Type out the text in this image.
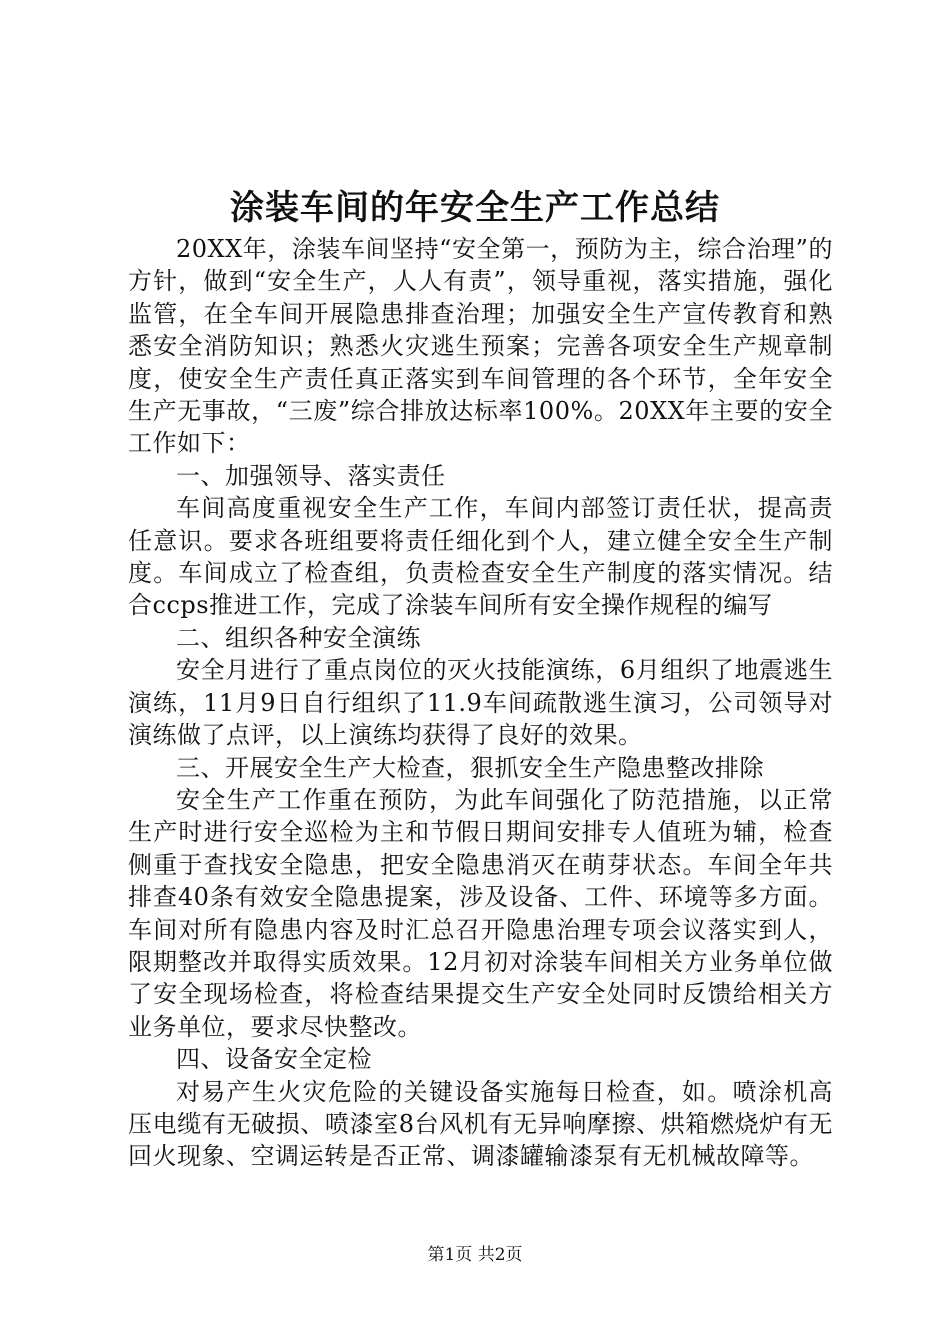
涂装车间的年安全生产工作总结

20XX年，涂装车间坚持“安全第一，预防为主，综合治理”的方针，做到“安全生产，人人有责”，领导重视，落实措施，强化监管，在全车间开展隐患排查治理；加强安全生产宣传教育和熟悉安全消防知识；熟悉火灾逃生预案；完善各项安全生产规章制度，使安全生产责任真正落实到车间管理的各个环节，全年安全生产无事故，“三废”综合排放达标率100%。20XX年主要的安全工作如下：

一、加强领导、落实责任

车间高度重视安全生产工作，车间内部签订责任状，提高责任意识。要求各班组要将责任细化到个人，建立健全安全生产制度。车间成立了检查组，负责检查安全生产制度的落实情况。结合ccps推进工作，完成了涂装车间所有安全操作规程的编写

二、组织各种安全演练

安全月进行了重点岗位的灭火技能演练，6月组织了地震逃生演练，11月9日自行组织了11.9车间疏散逃生演习，公司领导对演练做了点评，以上演练均获得了良好的效果。

三、开展安全生产大检查，狠抓安全生产隐患整改排除

安全生产工作重在预防，为此车间强化了防范措施，以正常生产时进行安全巡检为主和节假日期间安排专人值班为辅，检查侧重于查找安全隐患，把安全隐患消灭在萌芽状态。车间全年共排查40条有效安全隐患提案，涉及设备、工件、环境等多方面。车间对所有隐患内容及时汇总召开隐患治理专项会议落实到人，限期整改并取得实质效果。12月初对涂装车间相关方业务单位做了安全现场检查，将检查结果提交生产安全处同时反馈给相关方业务单位，要求尽快整改。

四、设备安全定检

对易产生火灾危险的关键设备实施每日检查，如。喷涂机高压电缆有无破损、喷漆室8台风机有无异响摩擦、烘箱燃烧炉有无回火现象、空调运转是否正常、调漆罐输漆泵有无机械故障等。

第1页 共2页
